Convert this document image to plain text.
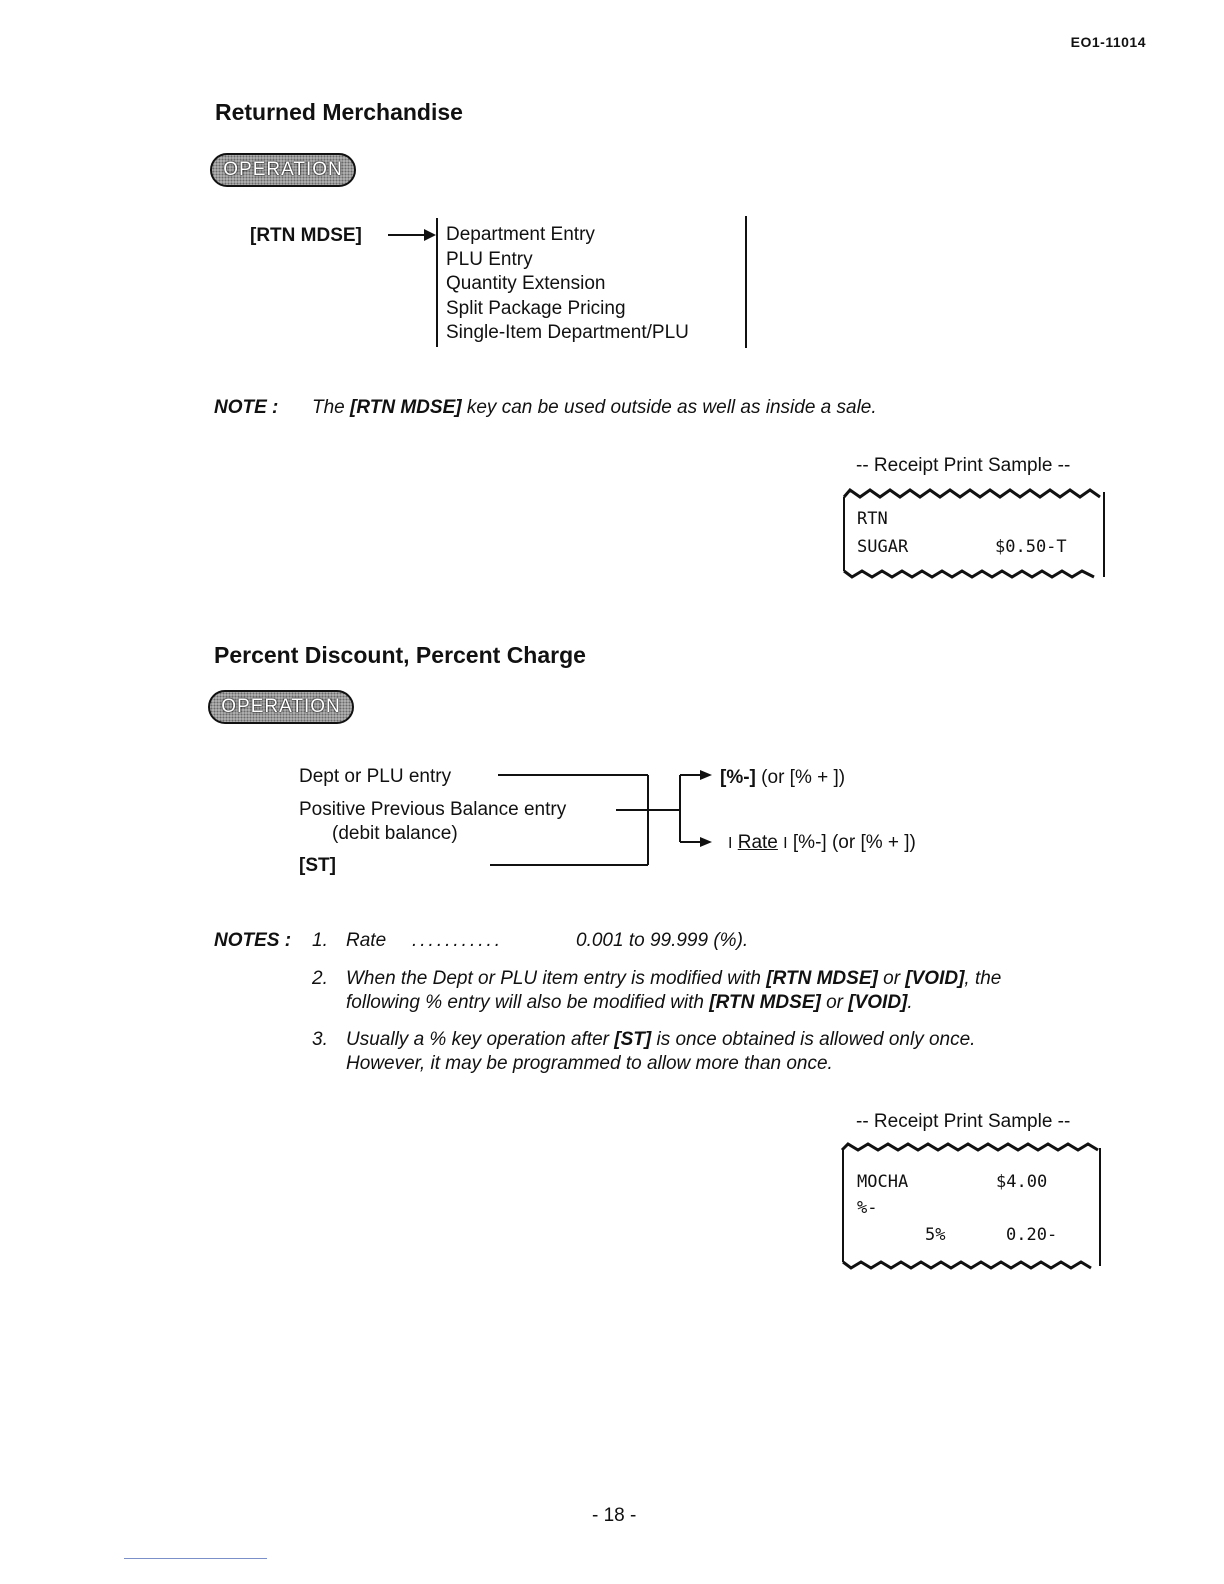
EO1-11014
Returned Merchandise
OPERATION
[RTN MDSE]	Department Entry
PLU Entry
Quantity Extension
Split Package Pricing
Single-Item Department/PLU
NOTE : The [RTN MDSE] key can be used outside as well as inside a sale.
-- Receipt Print Sample --
RTN
SUGAR	$0.50-T
Percent Discount, Percent Charge
OPERATION
Dept or PLU entry
Positive Previous Balance entry
(debit balance)
[ST]
[%-] (or [% + ])
I Rate I [%-] (or [% + ])
NOTES : 1. Rate ...........	0.001 to 99.999 (%).
2. When the Dept or PLU item entry is modified with [RTN MDSE] or [VOID], the
following % entry will also be modified with [RTN MDSE] or [VOID].
3. Usually a % key operation after [ST] is once obtained is allowed only once.
However, it may be programmed to allow more than once.
-- Receipt Print Sample --
MOCHA	$4.00
%-
5%	0.20-
- 18 -
